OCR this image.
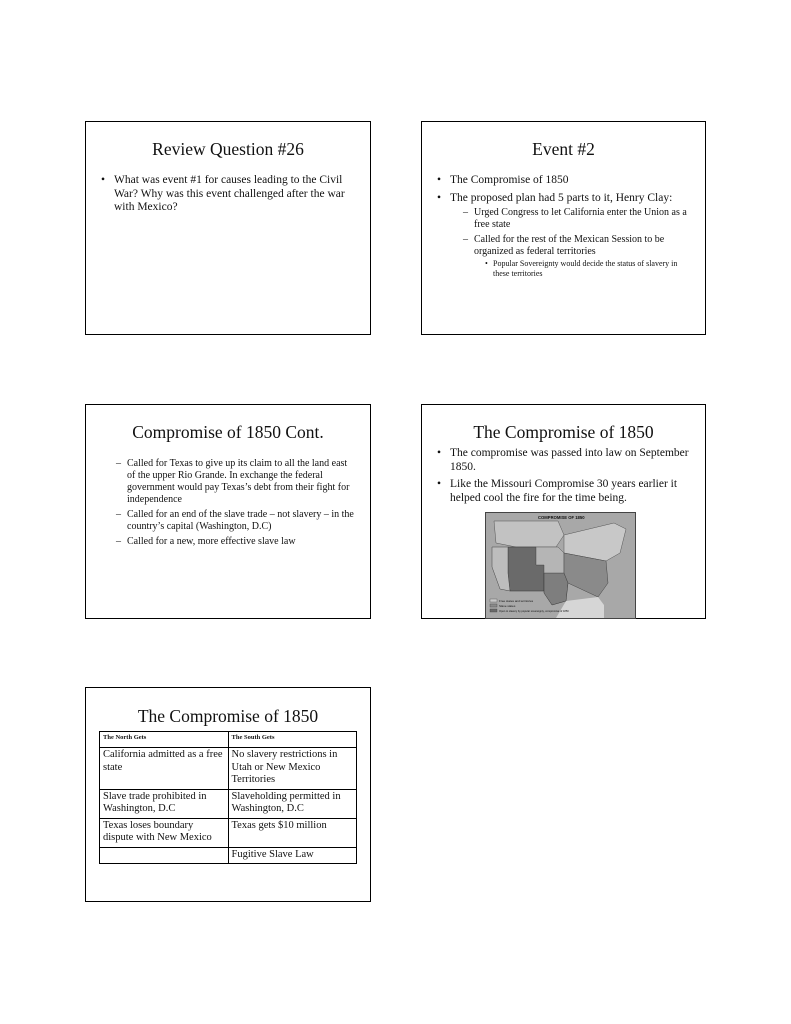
Review Question #26
• What was event #1 for causes leading to the Civil War? Why was this event challenged after the war with Mexico?
Event #2
• The Compromise of 1850
• The proposed plan had 5 parts to it, Henry Clay:
– Urged Congress to let California enter the Union as a free state
– Called for the rest of the Mexican Session to be organized as federal territories
• Popular Sovereignty would decide the status of slavery in these territories
Compromise of 1850 Cont.
– Called for Texas to give up its claim to all the land east of the upper Rio Grande. In exchange the federal government would pay Texas’s debt from their fight for independence
– Called for an end of the slave trade – not slavery – in the country’s capital (Washington, D.C)
– Called for a new, more effective slave law
The Compromise of 1850
• The compromise was passed into law on September 1850.
• Like the Missouri Compromise 30 years earlier it helped cool the fire for the time being.
COMPROMISE OF 1850
Free states and territories
Slave states
Open to slavery by popular sovereignty, compromise of 1850
The Compromise of 1850
The North Gets	The South Gets
California admitted as a free state	No slavery restrictions in Utah or New Mexico Territories
Slave trade prohibited in Washington, D.C	Slaveholding permitted in Washington, D.C
Texas loses boundary dispute with New Mexico	Texas gets $10 million
	Fugitive Slave Law
